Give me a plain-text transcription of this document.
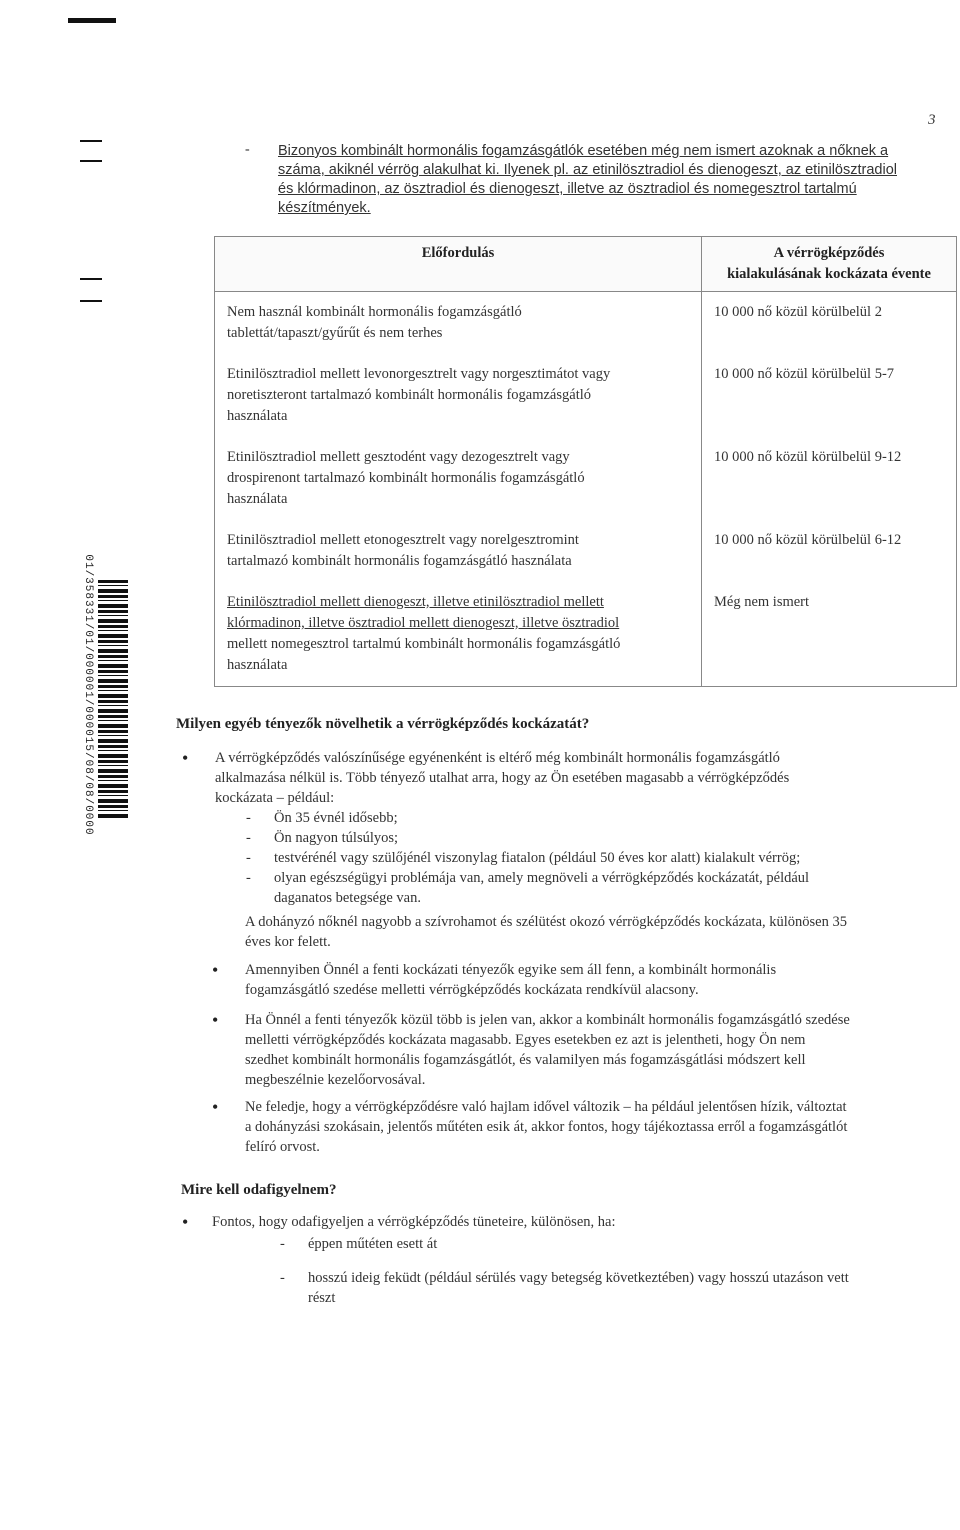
3
01/358331/01/000001/000015/08/08/0000
- Bizonyos kombinált hormonális fogamzásgátlók esetében még nem ismert azoknak a nőknek a
száma, akiknél vérrög alakulhat ki. Ilyenek pl. az etinilösztradiol és dienogeszt, az etinilösztradiol
és klórmadinon, az ösztradiol és dienogeszt, illetve az ösztradiol és nomegesztrol tartalmú
készítmények.
Előfordulás	A vérrögképződés
kialakulásának kockázata évente

Nem használ kombinált hormonális fogamzásgátló
tablettát/tapaszt/gyűrűt és nem terhes	10 000 nő közül körülbelül 2

Etinilösztradiol mellett levonorgesztrelt vagy norgesztimátot vagy
noretiszteront tartalmazó kombinált hormonális fogamzásgátló
használata	10 000 nő közül körülbelül 5-7

Etinilösztradiol mellett gesztodént vagy dezogesztrelt vagy
drospirenont tartalmazó kombinált hormonális fogamzásgátló
használata	10 000 nő közül körülbelül 9-12

Etinilösztradiol mellett etonogesztrelt vagy norelgesztromint
tartalmazó kombinált hormonális fogamzásgátló használata	10 000 nő közül körülbelül 6-12

Etinilösztradiol mellett dienogeszt, illetve etinilösztradiol mellett
klórmadinon, illetve ösztradiol mellett dienogeszt, illetve ösztradiol
mellett nomegesztrol tartalmú kombinált hormonális fogamzásgátló
használata	Még nem ismert
Milyen egyéb tényezők növelhetik a vérrögképződés kockázatát?
• A vérrögképződés valószínűsége egyénenként is eltérő még kombinált hormonális fogamzásgátló
alkalmazása nélkül is. Több tényező utalhat arra, hogy az Ön esetében magasabb a vérrögképződés
kockázata – például:
- Ön 35 évnél idősebb;
- Ön nagyon túlsúlyos;
- testvérénél vagy szülőjénél viszonylag fiatalon (például 50 éves kor alatt) kialakult vérrög;
- olyan egészségügyi problémája van, amely megnöveli a vérrögképződés kockázatát, például
daganatos betegsége van.
A dohányzó nőknél nagyobb a szívrohamot és szélütést okozó vérrögképződés kockázata, különösen 35
éves kor felett.
• Amennyiben Önnél a fenti kockázati tényezők egyike sem áll fenn, a kombinált hormonális
fogamzásgátló szedése melletti vérrögképződés kockázata rendkívül alacsony.
• Ha Önnél a fenti tényezők közül több is jelen van, akkor a kombinált hormonális fogamzásgátló szedése
melletti vérrögképződés kockázata magasabb. Egyes esetekben ez azt is jelentheti, hogy Ön nem
szedhet kombinált hormonális fogamzásgátlót, és valamilyen más fogamzásgátlási módszert kell
megbeszélnie kezelőorvosával.
• Ne feledje, hogy a vérrögképződésre való hajlam idővel változik – ha például jelentősen hízik, változtat
a dohányzási szokásain, jelentős műtéten esik át, akkor fontos, hogy tájékoztassa erről a fogamzásgátlót
felíró orvost.
Mire kell odafigyelnem?
• Fontos, hogy odafigyeljen a vérrögképződés tüneteire, különösen, ha:
- éppen műtéten esett át
- hosszú ideig feküdt (például sérülés vagy betegség következtében) vagy hosszú utazáson vett
részt
